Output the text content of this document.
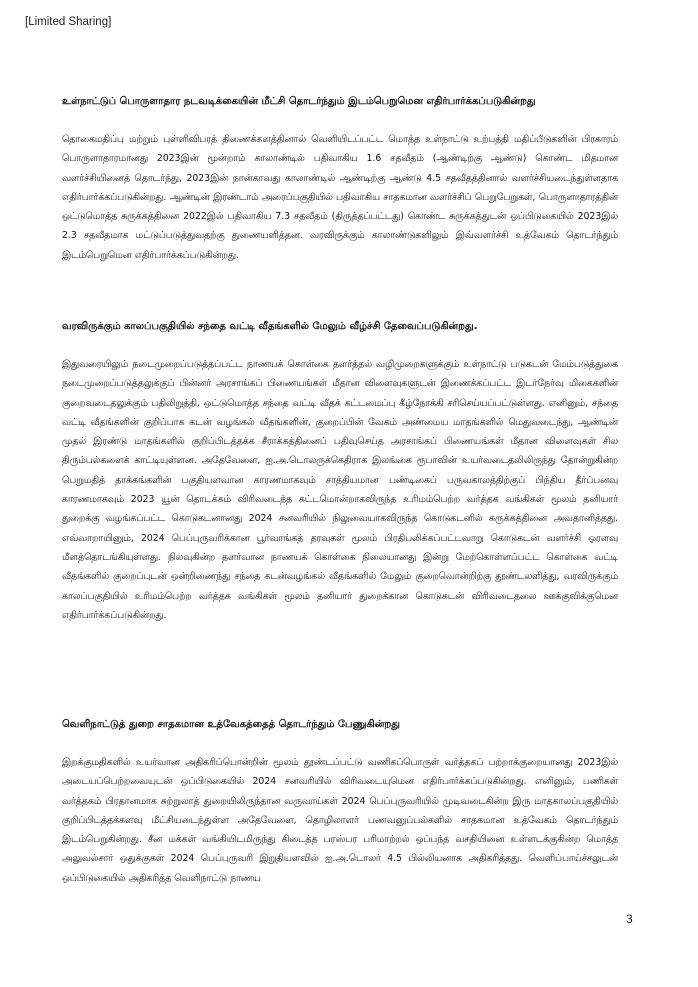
[Limited Sharing]
உள்நாட்டுப் பொருளாதார நடவடிக்கையின் மீட்சி தொடர்ந்தும் இடம்பெறுமென எதிர்பார்க்கப்படுகின்றது
தொகைமதிப்பு மற்றும் புள்ளிவிபரத் திணைக்களத்தினால் வெளியிடப்பட்ட மொத்த உள்நாட்டு உற்பத்தி மதிப்பீடுகளின் பிரகாரம் பொருளாதாரமானது 2023இன் மூன்றாம் காலாண்டில் பதிவாகிய 1.6 சதவீதம் (ஆண்டிற்கு ஆண்டு) கொண்ட மிதமான வளர்ச்சியினைத் தொடர்ந்து, 2023இன் நான்காவது காலாண்டில் ஆண்டிற்கு ஆண்டு 4.5 சதவீதத்தினால் வளர்ச்சியடைந்துள்ளதாக எதிர்பார்க்கப்படுகின்றது. ஆண்டின் இரண்டாம் அரைப்பகுதியில் பதிவாகிய சாதகமான வளர்ச்சிப் பெறுபேறுகள், பொருளாதாரத்தின் ஒட்டுமொத்த சுருக்கத்தினை 2022இல் பதிவாகிய 7.3 சதவீதம் (திருத்தப்பட்டது) கொண்ட சுருக்கத்துடன் ஒப்பிடுகையில் 2023இல் 2.3 சதவீதமாக மட்டுப்படுத்துவதற்கு துணையளித்தன. வரவிருக்கும் காலாண்டுகளிலும் இவ்வளர்ச்சி உத்வேகம் தொடர்ந்தும் இடம்பெறுமென எதிர்பார்க்கப்படுகின்றது.
வரவிருக்கும் காலப்பகுதியில் சந்தை வட்டி வீதங்களில் மேலும் வீழ்ச்சி தேவைப்படுகின்றது.
இதுவரையிலும் நடைமுறைப்படுத்தப்பட்ட நாணயக் கொள்கை தளர்த்தல் வழிமுறைகளுக்கும் உள்நாட்டு படுகடன் மேம்படுத்துகை நடைமுறைப்படுத்தலுக்குப் பின்னர் அரசாங்கப் பிணையங்கள் மீதான விளைவுகளுடன் இணைக்கப்பட்ட இடர்நேர்வு மிகைகளின் குறைவடைதலுக்கும் பதிலிறுத்தி, ஒட்டுமொத்த சந்தை வட்டி வீதக் கட்டமைப்பு கீழ்நோக்கி சரிசெய்யப்பட்டுள்ளது. எனினும், சந்தை வட்டி வீதங்களின் குறிப்பாக கடன் வழங்கல் வீதங்களின், குறைப்பின் வேகம் அண்மைய மாதங்களில் மெதுவடைந்து, ஆண்டின் முதல் இரண்டு மாதங்களில் குறிப்பிடத்தக்க சீராக்கத்தினைப் பதிவுசெய்த அரசாங்கப் பிணையங்கள் மீதான விளைவுகள் சில திரும்பல்களைக் காட்டியுள்ளன. அதேவேளை, ஐ.அ.டொலருக்கெதிராக இலங்கை ரூபாவின் உயர்வடைதலிலிருந்து தோன்றுகின்ற பெறுமதித் தாக்கங்களின் பகுதியளவான காரணமாகவும் சாத்தியமான பண்டிகைப் பருவகாலத்திற்குப் பிந்திய தீர்ப்பனவு காரணமாகவும் 2023 யூன் தொடக்கம் விரிவடைந்த கட்டமொன்றாகவிருந்த உரிமம்பெற்ற வர்த்தக வங்கிகள் மூலம் தனியார் துறைக்கு வழங்கப்பட்ட கொடுகடனானது 2024 சனவரியில் நிலுவையாகவிருந்த கொடுகடனில் சுருக்கத்தினை அவதானித்தது. எவ்வாறாயினும், 2024 பெப்புருவரிக்கான பூர்வாங்கத் தரவுகள் மூலம் பிரதிபலிக்கப்பட்டவாறு கொடுகடன் வளர்ச்சி ஓரளவு மீளத்தொடங்கியுள்ளது. நிலவுகின்ற தளர்வான நாணயக் கொள்கை நிலையானது இன்று மேற்கொள்ளப்பட்ட கொள்கை வட்டி வீதங்களில் குறைப்புடன் ஒன்றிணைந்து சந்தை கடன்வழங்கல் வீதங்களில் மேலும் குறைவொன்றிற்கு தூண்டலளித்து, வரவிருக்கும் காலப்பகுதியில் உரிமம்பெற்ற வர்த்தக வங்கிகள் மூலம் தனியார் துறைக்கான கொடுகடன் விரிவடைதலை ஊக்குவிக்குமென எதிர்பார்க்கப்படுகின்றது.
வெளிநாட்டுத் துறை சாதகமான உத்வேகத்தைத் தொடர்ந்தும் பேணுகின்றது
இறக்குமதிகளில் உயர்வான அதிகரிப்பொன்றின் மூலம் தூண்டப்பட்டு வணிகப்பொருள் வர்த்தகப் பற்றாக்குறையானது 2023இல் அடையப்பெற்றவையுடன் ஒப்பிடுகையில் 2024 சனவரியில் விரிவடையுமென எதிர்பார்க்கப்படுகின்றது. எனினும், பணிகள் வர்த்தகம் பிரதானமாக சுற்றுலாத் துறையிலிருந்தான வருவாய்கள் 2024 பெப்புருவரியில் முடிவடைகின்ற இரு மாதகாலப்பகுதியில் குறிப்பிடத்தக்களவு மீட்சியடைந்துள்ள அதேவேளை, தொழிலாளர் பணவனுப்பல்களில் சாதகமான உத்வேகம் தொடர்ந்தும் இடம்பெறுகின்றது. சீன மக்கள் வங்கியிடமிருந்து கிடைத்த பரஸ்பர பரிமாற்றல் ஒப்பந்த வசதியினை உள்ளடக்குகின்ற மொத்த அலுவல்சார் ஒதுக்குகள் 2024 பெப்புருவரி இறுதியளவில் ஐ.அ.டொலர் 4.5 பில்லியனாக அதிகரித்தது. வெளிப்பாய்ச்சலுடன் ஒப்பிடுகையில் அதிகரித்த வெளிநாட்டு நாணய
3
